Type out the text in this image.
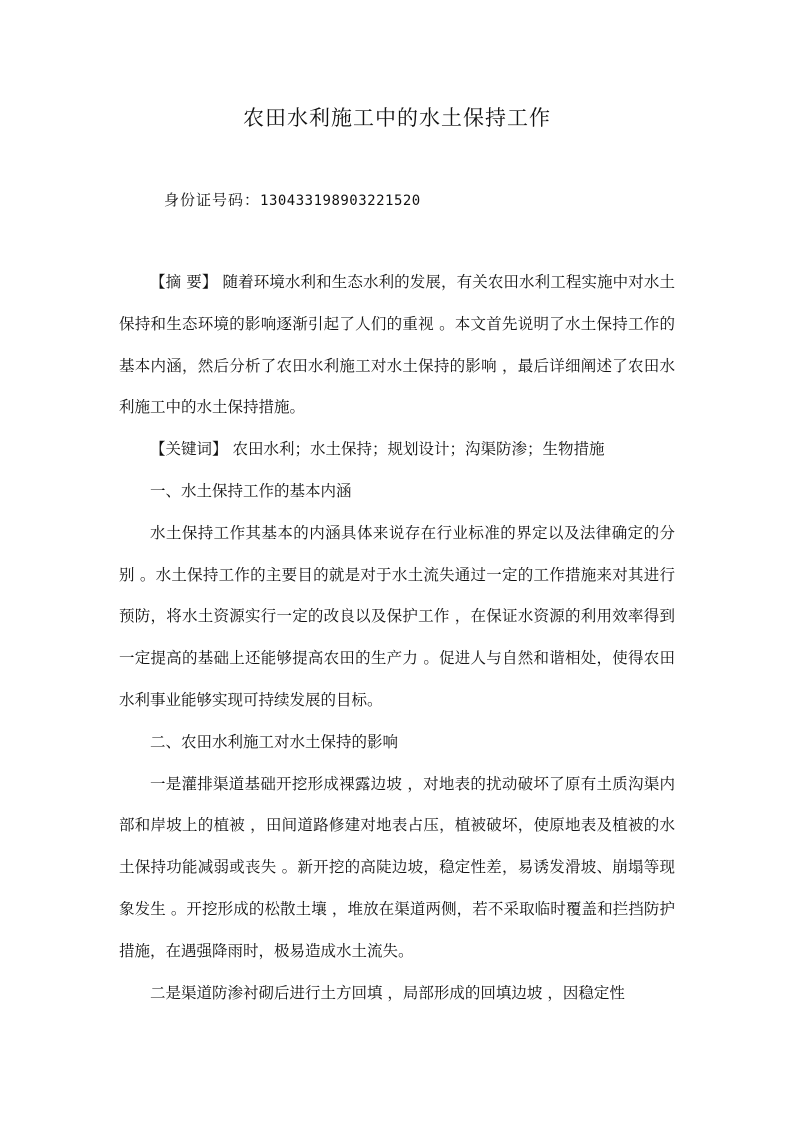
农田水利施工中的水土保持工作
身份证号码：130433198903221520

【摘 要】 随着环境水利和生态水利的发展，有关农田水利工程实施中对水土保持和生态环境的影响逐渐引起了人们的重视 。本文首先说明了水土保持工作的基本内涵，然后分析了农田水利施工对水土保持的影响 ，最后详细阐述了农田水利施工中的水土保持措施。

【关键词】 农田水利；水土保持；规划设计；沟渠防渗；生物措施

一、水土保持工作的基本内涵

水土保持工作其基本的内涵具体来说存在行业标准的界定以及法律确定的分别 。水土保持工作的主要目的就是对于水土流失通过一定的工作措施来对其进行预防，将水土资源实行一定的改良以及保护工作 ，在保证水资源的利用效率得到一定提高的基础上还能够提高农田的生产力 。促进人与自然和谐相处，使得农田水利事业能够实现可持续发展的目标。

二、农田水利施工对水土保持的影响

一是灌排渠道基础开挖形成裸露边坡 ，对地表的扰动破坏了原有土质沟渠内部和岸坡上的植被 ，田间道路修建对地表占压，植被破坏，使原地表及植被的水土保持功能减弱或丧失 。新开挖的高陡边坡，稳定性差，易诱发滑坡、崩塌等现象发生 。开挖形成的松散土壤 ，堆放在渠道两侧，若不采取临时覆盖和拦挡防护措施，在遇强降雨时，极易造成水土流失。

二是渠道防渗衬砌后进行土方回填 ，局部形成的回填边坡 ，因稳定性
